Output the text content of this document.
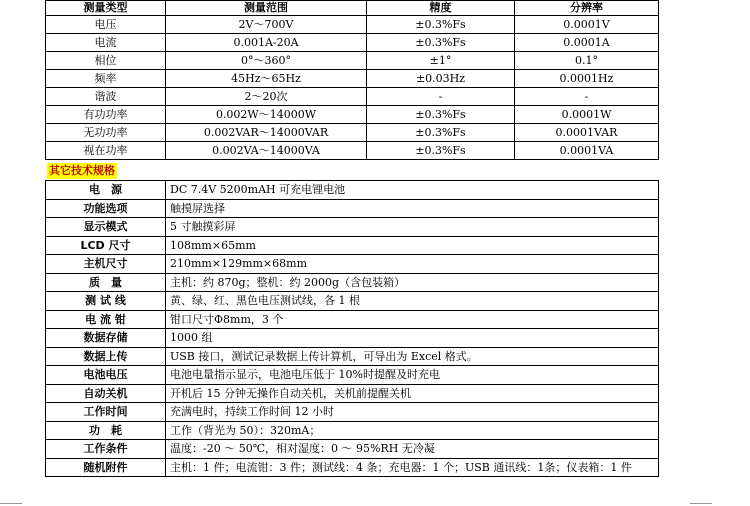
测量类型	测量范围	精度	分辨率
电压	2V～700V	±0.3%Fs	0.0001V
电流	0.001A-20A	±0.3%Fs	0.0001A
相位	0°～360°	±1°	0.1°
频率	45Hz～65Hz	±0.03Hz	0.0001Hz
谐波	2～20次	-	-
有功功率	0.002W～14000W	±0.3%Fs	0.0001W
无功功率	0.002VAR～14000VAR	±0.3%Fs	0.0001VAR
视在功率	0.002VA～14000VA	±0.3%Fs	0.0001VA
其它技术规格
电　源	DC 7.4V 5200mAH 可充电锂电池
功能选项	触摸屏选择
显示模式	5 寸触摸彩屏
LCD 尺寸	108mm×65mm
主机尺寸	210mm×129mm×68mm
质　量	主机：约 870g；整机：约 2000g（含包装箱）
测 试 线	黄、绿、红、黑色电压测试线，各 1 根
电 流 钳	钳口尺寸Φ8mm，3 个
数据存储	1000 组
数据上传	USB 接口，测试记录数据上传计算机，可导出为 Excel 格式。
电池电压	电池电量指示显示，电池电压低于 10%时提醒及时充电
自动关机	开机后 15 分钟无操作自动关机，关机前提醒关机
工作时间	充满电时，持续工作时间 12 小时
功　耗	工作（背光为 50）：320mA；
工作条件	温度：-20 ～ 50℃，相对湿度：0 ～ 95%RH 无冷凝
随机附件	主机：1 件；电流钳：3 件；测试线：4 条；充电器：1 个；USB 通讯线：1条；仪表箱：1 件
